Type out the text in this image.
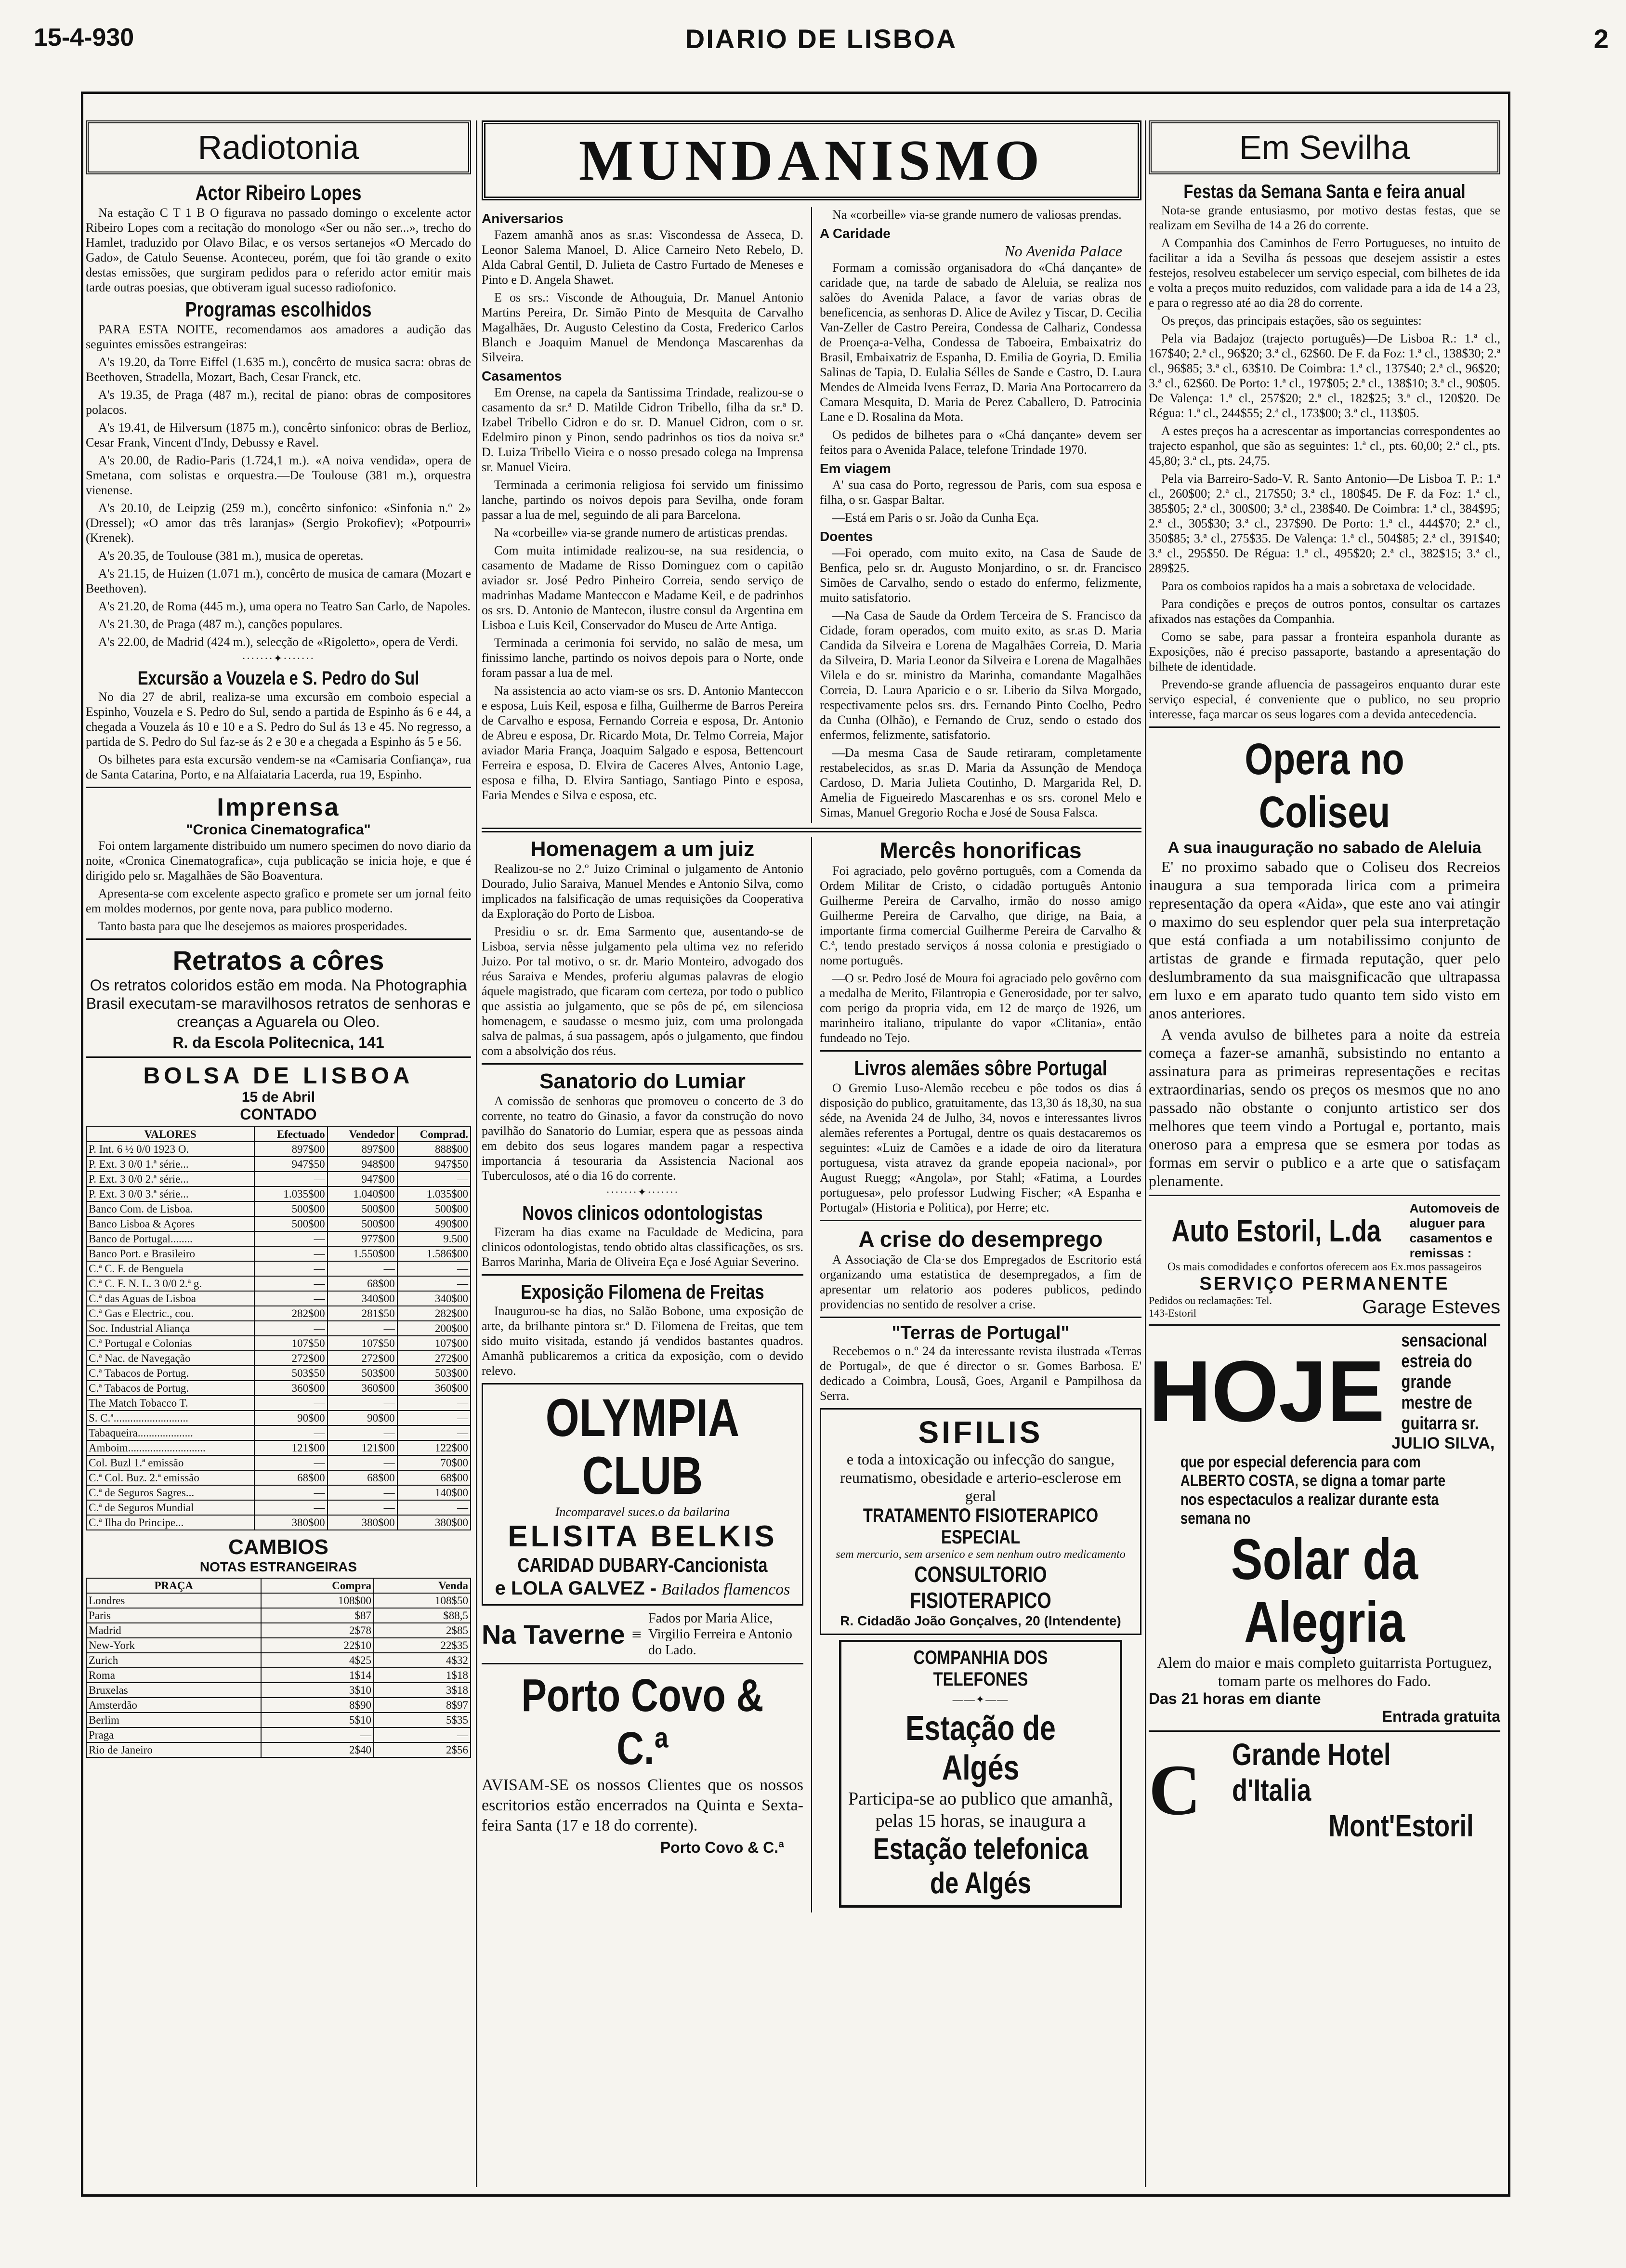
15-4-930	DIARIO DE LISBOA	2
Radiotonia
Actor Ribeiro Lopes

Na estação C T 1 B O figurava no passado domingo o excelente actor Ribeiro Lopes com a recitação do monologo «Ser ou não ser...», trecho do Hamlet, traduzido por Olavo Bilac, e os versos sertanejos «O Mercado do Gado», de Catulo Seuense. Aconteceu, porém, que foi tão grande o exito destas emissões, que surgiram pedidos para o referido actor emitir mais tarde outras poesias, que obtiveram igual sucesso radiofonico.

Programas escolhidos

PARA ESTA NOITE, recomendamos aos amadores a audição das seguintes emissões estrangeiras:

A's 19.20, da Torre Eiffel (1.635 m.), concêrto de musica sacra: obras de Beethoven, Stradella, Mozart, Bach, Cesar Franck, etc.

A's 19.35, de Praga (487 m.), recital de piano: obras de compositores polacos.

A's 19.41, de Hilversum (1875 m.), concêrto sinfonico: obras de Berlioz, Cesar Frank, Vincent d'Indy, Debussy e Ravel.

A's 20.00, de Radio-Paris (1.724,1 m.). «A noiva vendida», opera de Smetana, com solistas e orquestra.—De Toulouse (381 m.), orquestra vienense.

A's 20.10, de Leipzig (259 m.), concêrto sinfonico: «Sinfonia n.º 2» (Dressel); «O amor das três laranjas» (Sergio Prokofiev); «Potpourri» (Krenek).

A's 20.35, de Toulouse (381 m.), musica de operetas.

A's 21.15, de Huizen (1.071 m.), concêrto de musica de camara (Mozart e Beethoven).

A's 21.20, de Roma (445 m.), uma opera no Teatro San Carlo, de Napoles.

A's 21.30, de Praga (487 m.), canções populares.

A's 22.00, de Madrid (424 m.), selecção de «Rigoletto», opera de Verdi.

·······✦·······
Excursão a Vouzela e S. Pedro do Sul

No dia 27 de abril, realiza-se uma excursão em comboio especial a Espinho, Vouzela e S. Pedro do Sul, sendo a partida de Espinho ás 6 e 44, a chegada a Vouzela ás 10 e 10 e a S. Pedro do Sul ás 13 e 45. No regresso, a partida de S. Pedro do Sul faz-se ás 2 e 30 e a chegada a Espinho ás 5 e 56.

Os bilhetes para esta excursão vendem-se na «Camisaria Confiança», rua de Santa Catarina, Porto, e na Alfaiataria Lacerda, rua 19, Espinho.

Imprensa
"Cronica Cinematografica"

Foi ontem largamente distribuido um numero specimen do novo diario da noite, «Cronica Cinematografica», cuja publicação se inicia hoje, e que é dirigido pelo sr. Magalhães de São Boaventura.

Apresenta-se com excelente aspecto grafico e promete ser um jornal feito em moldes modernos, por gente nova, para publico moderno.

Tanto basta para que lhe desejemos as maiores prosperidades.

Retratos a côres

Os retratos coloridos estão em moda. Na Photographia Brasil executam-se maravilhosos retratos de senhoras e creanças a Aguarela ou Oleo.

R. da Escola Politecnica, 141
BOLSA DE LISBOA
15 de Abril
CONTADO
VALORES	Efectuado	Vendedor	Comprad.
P. Int. 6 ½ 0/0 1923 O.	897$00	897$00	888$00
P. Ext. 3 0/0 1.ª série...	947$50	948$00	947$50
P. Ext. 3 0/0 2.ª série...	—	947$00	—
P. Ext. 3 0/0 3.ª série...	1.035$00	1.040$00	1.035$00
Banco Com. de Lisboa.	500$00	500$00	500$00
Banco Lisboa & Açores	500$00	500$00	490$00
Banco de Portugal........	—	977$00	9.500
Banco Port. e Brasileiro	—	1.550$00	1.586$00
C.ª C. F. de Benguela	—	—	—
C.ª C. F. N. L. 3 0/0 2.ª g.	—	68$00	—
C.ª das Aguas de Lisboa	—	340$00	340$00
C.ª Gas e Electric., cou.	282$00	281$50	282$00
Soc. Industrial Aliança	—	—	200$00
C.ª Portugal e Colonias	107$50	107$50	107$00
C.ª Nac. de Navegação	272$00	272$00	272$00
C.ª Tabacos de Portug.	503$50	503$00	503$00
C.ª Tabacos de Portug.	360$00	360$00	360$00
The Match Tobacco T.	—	—	—
S. C.ª...........................	90$00	90$00	—
Tabaqueira....................	—	—	—
Amboim............................	121$00	121$00	122$00
Col. Buzl 1.ª emissão	—	—	70$00
C.ª Col. Buz. 2.ª emissão	68$00	68$00	68$00
C.ª de Seguros Sagres...	—	—	140$00
C.ª de Seguros Mundial	—	—	—
C.ª Ilha do Principe...	380$00	380$00	380$00
CAMBIOS
NOTAS ESTRANGEIRAS
PRAÇA	Compra	Venda
Londres	108$00	108$50
Paris	$87	$88,5
Madrid	2$78	2$85
New-York	22$10	22$35
Zurich	4$25	4$32
Roma	1$14	1$18
Bruxelas	3$10	3$18
Amsterdão	8$90	8$97
Berlim	5$10	5$35
Praga	—	—
Rio de Janeiro	2$40	2$56
MUNDANISMO
Aniversarios

Fazem amanhã anos as sr.as: Viscondessa de Asseca, D. Leonor Salema Manoel, D. Alice Carneiro Neto Rebelo, D. Alda Cabral Gentil, D. Julieta de Castro Furtado de Meneses e Pinto e D. Angela Shawet.

E os srs.: Visconde de Athouguia, Dr. Manuel Antonio Martins Pereira, Dr. Simão Pinto de Mesquita de Carvalho Magalhães, Dr. Augusto Celestino da Costa, Frederico Carlos Blanch e Joaquim Manuel de Mendonça Mascarenhas da Silveira.

Casamentos

Em Orense, na capela da Santissima Trindade, realizou-se o casamento da sr.ª D. Matilde Cidron Tribello, filha da sr.ª D. Izabel Tribello Cidron e do sr. D. Manuel Cidron, com o sr. Edelmiro pinon y Pinon, sendo padrinhos os tios da noiva sr.ª D. Luiza Tribello Vieira e o nosso presado colega na Imprensa sr. Manuel Vieira.

Terminada a cerimonia religiosa foi servido um finissimo lanche, partindo os noivos depois para Sevilha, onde foram passar a lua de mel, seguindo de ali para Barcelona.

Na «corbeille» via-se grande numero de artisticas prendas.

Com muita intimidade realizou-se, na sua residencia, o casamento de Madame de Risso Dominguez com o capitão aviador sr. José Pedro Pinheiro Correia, sendo serviço de madrinhas Madame Manteccon e Madame Keil, e de padrinhos os srs. D. Antonio de Mantecon, ilustre consul da Argentina em Lisboa e Luis Keil, Conservador do Museu de Arte Antiga.

Terminada a cerimonia foi servido, no salão de mesa, um finissimo lanche, partindo os noivos depois para o Norte, onde foram passar a lua de mel.

Na assistencia ao acto viam-se os srs. D. Antonio Manteccon e esposa, Luis Keil, esposa e filha, Guilherme de Barros Pereira de Carvalho e esposa, Fernando Correia e esposa, Dr. Antonio de Abreu e esposa, Dr. Ricardo Mota, Dr. Telmo Correia, Major aviador Maria França, Joaquim Salgado e esposa, Bettencourt Ferreira e esposa, D. Elvira de Caceres Alves, Antonio Lage, esposa e filha, D. Elvira Santiago, Santiago Pinto e esposa, Faria Mendes e Silva e esposa, etc.

Na «corbeille» via-se grande numero de valiosas prendas.

A Caridade
No Avenida Palace

Formam a comissão organisadora do «Chá dançante» de caridade que, na tarde de sabado de Aleluia, se realiza nos salões do Avenida Palace, a favor de varias obras de beneficencia, as senhoras D. Alice de Avilez y Tiscar, D. Cecilia Van-Zeller de Castro Pereira, Condessa de Calhariz, Condessa de Proença-a-Velha, Condessa de Taboeira, Embaixatriz do Brasil, Embaixatriz de Espanha, D. Emilia de Goyria, D. Emilia Salinas de Tapia, D. Eulalia Sélles de Sande e Castro, D. Laura Mendes de Almeida Ivens Ferraz, D. Maria Ana Portocarrero da Camara Mesquita, D. Maria de Perez Caballero, D. Patrocinia Lane e D. Rosalina da Mota.

Os pedidos de bilhetes para o «Chá dançante» devem ser feitos para o Avenida Palace, telefone Trindade 1970.

Em viagem

A' sua casa do Porto, regressou de Paris, com sua esposa e filha, o sr. Gaspar Baltar.

—Está em Paris o sr. João da Cunha Eça.

Doentes

—Foi operado, com muito exito, na Casa de Saude de Benfica, pelo sr. dr. Augusto Monjardino, o sr. dr. Francisco Simões de Carvalho, sendo o estado do enfermo, felizmente, muito satisfatorio.

—Na Casa de Saude da Ordem Terceira de S. Francisco da Cidade, foram operados, com muito exito, as sr.as D. Maria Candida da Silveira e Lorena de Magalhães Correia, D. Maria da Silveira, D. Maria Leonor da Silveira e Lorena de Magalhães Vilela e do sr. ministro da Marinha, comandante Magalhães Correia, D. Laura Aparicio e o sr. Liberio da Silva Morgado, respectivamente pelos srs. drs. Fernando Pinto Coelho, Pedro da Cunha (Olhão), e Fernando de Cruz, sendo o estado dos enfermos, felizmente, satisfatorio.

—Da mesma Casa de Saude retiraram, completamente restabelecidos, as sr.as D. Maria da Assunção de Mendoça Cardoso, D. Maria Julieta Coutinho, D. Margarida Rel, D. Amelia de Figueiredo Mascarenhas e os srs. coronel Melo e Simas, Manuel Gregorio Rocha e José de Sousa Falsca.

Homenagem a um juiz

Realizou-se no 2.º Juizo Criminal o julgamento de Antonio Dourado, Julio Saraiva, Manuel Mendes e Antonio Silva, como implicados na falsificação de umas requisições da Cooperativa da Exploração do Porto de Lisboa.

Presidiu o sr. dr. Ema Sarmento que, ausentando-se de Lisboa, servia nêsse julgamento pela ultima vez no referido Juizo. Por tal motivo, o sr. dr. Mario Monteiro, advogado dos réus Saraiva e Mendes, proferiu algumas palavras de elogio áquele magistrado, que ficaram com certeza, por todo o publico que assistia ao julgamento, que se pôs de pé, em silenciosa homenagem, e saudasse o mesmo juiz, com uma prolongada salva de palmas, á sua passagem, após o julgamento, que findou com a absolvição dos réus.

Sanatorio do Lumiar

A comissão de senhoras que promoveu o concerto de 3 do corrente, no teatro do Ginasio, a favor da construção do novo pavilhão do Sanatorio do Lumiar, espera que as pessoas ainda em debito dos seus logares mandem pagar a respectiva importancia á tesouraria da Assistencia Nacional aos Tuberculosos, até o dia 16 do corrente.

·······✦·······
Novos clinicos odontologistas

Fizeram ha dias exame na Faculdade de Medicina, para clinicos odontologistas, tendo obtido altas classificações, os srs. Barros Marinha, Maria de Oliveira Eça e José Aguiar Severino.

Exposição Filomena de Freitas

Inaugurou-se ha dias, no Salão Bobone, uma exposição de arte, da brilhante pintora sr.ª D. Filomena de Freitas, que tem sido muito visitada, estando já vendidos bastantes quadros. Amanhã publicaremos a critica da exposição, com o devido relevo.

OLYMPIA CLUB
Incomparavel suces.o da bailarina
ELISITA BELKIS
CARIDAD DUBARY-Cancionista
e LOLA GALVEZ - Bailados flamencos
Na Taverne ≡
Fados por Maria Alice, Virgilio Ferreira e Antonio do Lado.
Porto Covo & C.ª

AVISAM-SE os nossos Clientes que os nossos escritorios estão encerrados na Quinta e Sexta-feira Santa (17 e 18 do corrente).

Porto Covo & C.ª
Mercês honorificas

Foi agraciado, pelo govêrno português, com a Comenda da Ordem Militar de Cristo, o cidadão português Antonio Guilherme Pereira de Carvalho, irmão do nosso amigo Guilherme Pereira de Carvalho, que dirige, na Baia, a importante firma comercial Guilherme Pereira de Carvalho & C.ª, tendo prestado serviços á nossa colonia e prestigiado o nome português.

—O sr. Pedro José de Moura foi agraciado pelo govêrno com a medalha de Merito, Filantropia e Generosidade, por ter salvo, com perigo da propria vida, em 12 de março de 1926, um marinheiro italiano, tripulante do vapor «Clitania», então fundeado no Tejo.

Livros alemães sôbre Portugal

O Gremio Luso-Alemão recebeu e pôe todos os dias á disposição do publico, gratuitamente, das 13,30 ás 18,30, na sua séde, na Avenida 24 de Julho, 34, novos e interessantes livros alemães referentes a Portugal, dentre os quais destacaremos os seguintes: «Luiz de Camões e a idade de oiro da literatura portuguesa, vista atravez da grande epopeia nacional», por August Ruegg; «Angola», por Stahl; «Fatima, a Lourdes portuguesa», pelo professor Ludwing Fischer; «A Espanha e Portugal» (Historia e Politica), por Herre; etc.

A crise do desemprego

A Associação de Cla·se dos Empregados de Escritorio está organizando uma estatistica de desempregados, a fim de apresentar um relatorio aos poderes publicos, pedindo providencias no sentido de resolver a crise.

"Terras de Portugal"

Recebemos o n.º 24 da interessante revista ilustrada «Terras de Portugal», de que é director o sr. Gomes Barbosa. E' dedicado a Coimbra, Lousã, Goes, Arganil e Pampilhosa da Serra.

SIFILIS
e toda a intoxicação ou infecção do sangue, reumatismo, obesidade e arterio-esclerose em geral
TRATAMENTO FISIOTERAPICO ESPECIAL
sem mercurio, sem arsenico e sem nenhum outro medicamento
CONSULTORIO FISIOTERAPICO
R. Cidadão João Gonçalves, 20 (Intendente)
COMPANHIA DOS TELEFONES
——✦——
Estação de Algés
Participa-se ao publico que amanhã, pelas 15 horas, se inaugura a
Estação telefonica de Algés
Em Sevilha
Festas da Semana Santa e feira anual

Nota-se grande entusiasmo, por motivo destas festas, que se realizam em Sevilha de 14 a 26 do corrente.

A Companhia dos Caminhos de Ferro Portugueses, no intuito de facilitar a ida a Sevilha ás pessoas que desejem assistir a estes festejos, resolveu estabelecer um serviço especial, com bilhetes de ida e volta a preços muito reduzidos, com validade para a ida de 14 a 23, e para o regresso até ao dia 28 do corrente.

Os preços, das principais estações, são os seguintes:

Pela via Badajoz (trajecto português)—De Lisboa R.: 1.ª cl., 167$40; 2.ª cl., 96$20; 3.ª cl., 62$60. De F. da Foz: 1.ª cl., 138$30; 2.ª cl., 96$85; 3.ª cl., 63$10. De Coimbra: 1.ª cl., 137$40; 2.ª cl., 96$20; 3.ª cl., 62$60. De Porto: 1.ª cl., 197$05; 2.ª cl., 138$10; 3.ª cl., 90$05. De Valença: 1.ª cl., 257$20; 2.ª cl., 182$25; 3.ª cl., 120$20. De Régua: 1.ª cl., 244$55; 2.ª cl., 173$00; 3.ª cl., 113$05.

A estes preços ha a acrescentar as importancias correspondentes ao trajecto espanhol, que são as seguintes: 1.ª cl., pts. 60,00; 2.ª cl., pts. 45,80; 3.ª cl., pts. 24,75.

Pela via Barreiro-Sado-V. R. Santo Antonio—De Lisboa T. P.: 1.ª cl., 260$00; 2.ª cl., 217$50; 3.ª cl., 180$45. De F. da Foz: 1.ª cl., 385$05; 2.ª cl., 300$00; 3.ª cl., 238$40. De Coimbra: 1.ª cl., 384$95; 2.ª cl., 305$30; 3.ª cl., 237$90. De Porto: 1.ª cl., 444$70; 2.ª cl., 350$85; 3.ª cl., 275$35. De Valença: 1.ª cl., 504$85; 2.ª cl., 391$40; 3.ª cl., 295$50. De Régua: 1.ª cl., 495$20; 2.ª cl., 382$15; 3.ª cl., 289$25.

Para os comboios rapidos ha a mais a sobretaxa de velocidade.

Para condições e preços de outros pontos, consultar os cartazes afixados nas estações da Companhia.

Como se sabe, para passar a fronteira espanhola durante as Exposições, não é preciso passaporte, bastando a apresentação do bilhete de identidade.

Prevendo-se grande afluencia de passageiros enquanto durar este serviço especial, é conveniente que o publico, no seu proprio interesse, faça marcar os seus logares com a devida antecedencia.

Opera no Coliseu
A sua inauguração no sabado de Aleluia

E' no proximo sabado que o Coliseu dos Recreios inaugura a sua temporada lirica com a primeira representação da opera «Aida», que este ano vai atingir o maximo do seu esplendor quer pela sua interpretação que está confiada a um notabilissimo conjunto de artistas de grande e firmada reputação, quer pelo deslumbramento da sua maisgnificacão que ultrapassa em luxo e em aparato tudo quanto tem sido visto em anos anteriores.

A venda avulso de bilhetes para a noite da estreia começa a fazer-se amanhã, subsistindo no entanto a assinatura para as primeiras representações e recitas extraordinarias, sendo os preços os mesmos que no ano passado não obstante o conjunto artistico ser dos melhores que teem vindo a Portugal e, portanto, mais oneroso para a empresa que se esmera por todas as formas em servir o publico e a arte que o satisfaçam plenamente.

Auto Estoril, L.da
Automoveis de aluguer para casamentos e remissas :
Os mais comodidades e confortos oferecem aos Ex.mos passageiros
SERVIÇO PERMANENTE
Pedidos ou reclamações: Tel. 143-Estoril	Garage Esteves
HOJE
sensacional estreia do grande mestre de guitarra sr.
JULIO SILVA,
que por especial deferencia para com ALBERTO COSTA, se digna a tomar parte nos espectaculos a realizar durante esta semana no
Solar da Alegria
Alem do maior e mais completo guitarrista Portuguez, tomam parte os melhores do Fado.
Das 21 horas em diante
Entrada gratuita
C Grande Hotel d'Italia
Mont'Estoril
